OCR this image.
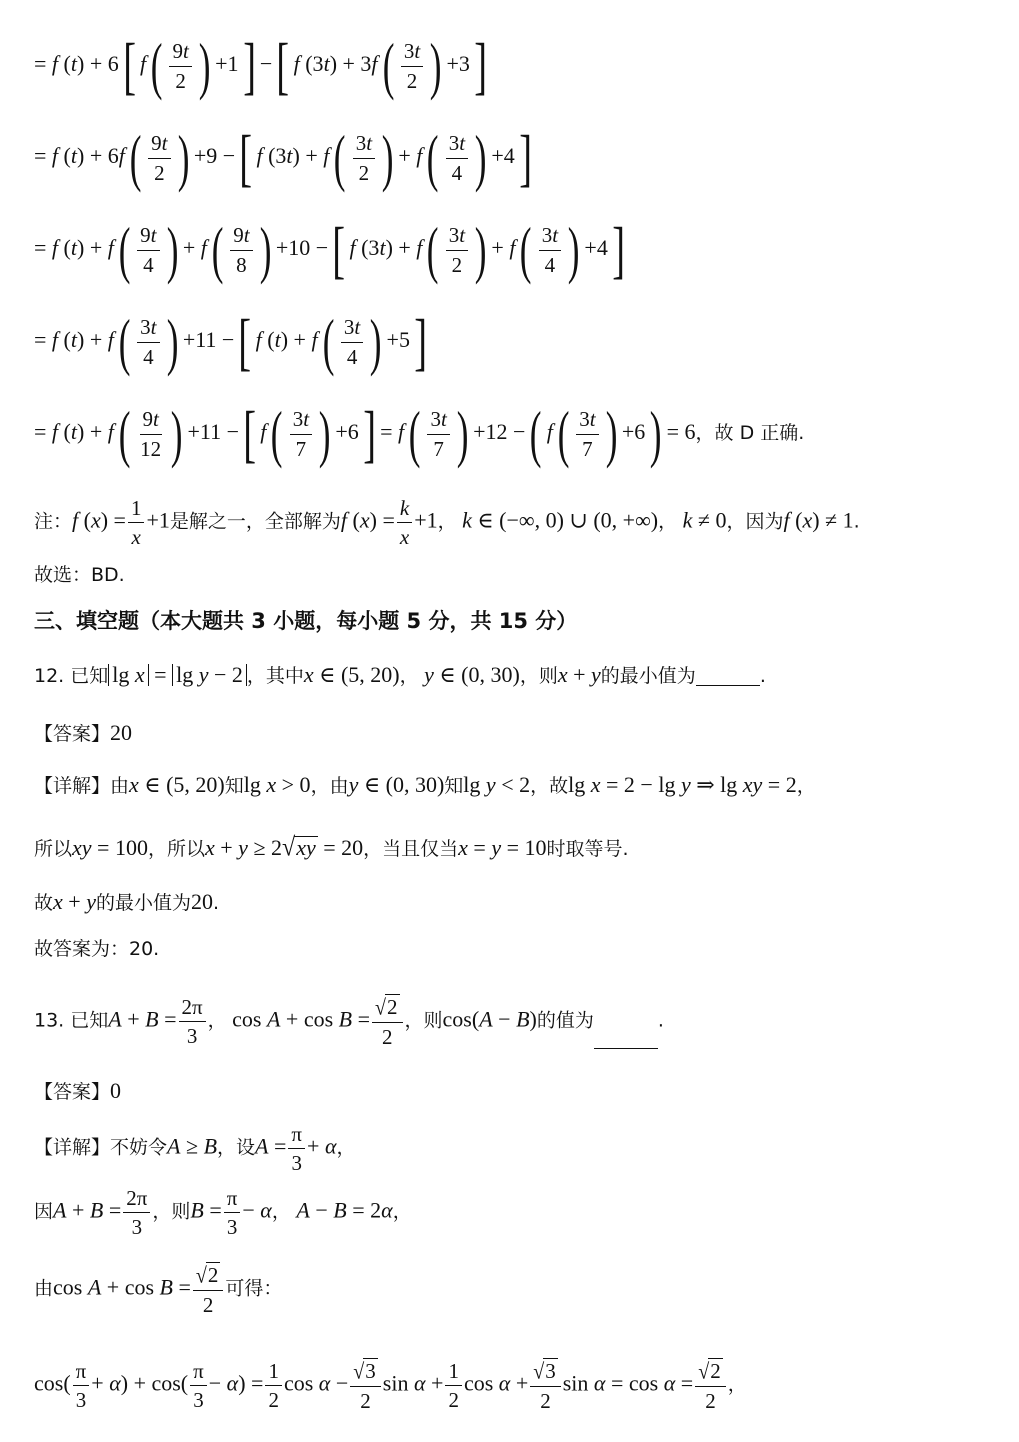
= f (t) + 6[ $f( \frac{9t}{2}$ ) +1] −[ f $(3t) + 3f( \frac{3t}{2}$ ) +3]
= f $(t) + 6f( \frac{9t}{2}$ ) +9 −[ f $(3t) + f( \frac{3t}{2}$ ) + $f( \frac{3t}{4}$ ) +4]
= f $(t) + f( \frac{9t}{4}$ ) + $f( \frac{9t}{8}$ ) +10 −[ f $(3t) + f( \frac{3t}{2}$ ) + $f( \frac{3t}{4}$ ) +4]
= f $(t) + f( \frac{3t}{4}$ ) +11 −[ f $(t) + f( \frac{3t}{4}$ ) +5]
= f $(t) + f( \frac{9t}{12}$ ) +11 −[ $f( \frac{3t}{7}$ ) $+6] = f( \frac{3t}{7}$ ) +12 −( $f( \frac{3t}{7}$ ) +6) = 6，故 D 正确.
注：f $(x) = \frac{1}{x} +1$是解之一，全部解为f $(x) = \frac{k}{x} +1$， k ∈ (−∞, 0) ∪ (0, +∞)， k ≠ 0，因为f (x) ≠ 1.
故选：BD.
三、填空题（本大题共 3 小题，每小题 5 分，共 15 分）
12. 已知 lg x = lg y − 2 ，其中x ∈ (5, 20)， y ∈ (0, 30)，则x + y的最小值为	.
【答案】20
【详解】由x ∈ (5, 20)知lg x > 0，由y ∈ (0, 30)知lg y < 2，故lg x = 2 − lg y ⇒ lg xy = 2，
所以xy = 100，所以x + y ≥ 2√xy = 20，当且仅当x = y = 10时取等号.
故x + y的最小值为20.
故答案为：20.
13. 已知$A + B = \frac{2\pi}{3}$ ， $\cos A + \cos B = \frac{√2}{2}$ ，则cos(A − B)的值为	.
【答案】0
【详解】不妨令A ≥ B，设$A = \frac{\pi}{3} + \alpha$，
因$A + B = \frac{2\pi}{3}$ ，则$B = \frac{\pi}{3} - \alpha$， A − B = 2α，
由$\cos A + \cos B = \frac{√2}{2}$ 可得：
$\cos( \frac{\pi}{3} + \alpha) + \cos( \frac{\pi}{3} - \alpha) = \frac{1}{2}$ $\cos \alpha - \frac{√3}{2}$ $\sin \alpha + \frac{1}{2}$ $\cos \alpha + \frac{√3}{2}$ $\sin \alpha = \cos \alpha = \frac{√2}{2}$ ，
